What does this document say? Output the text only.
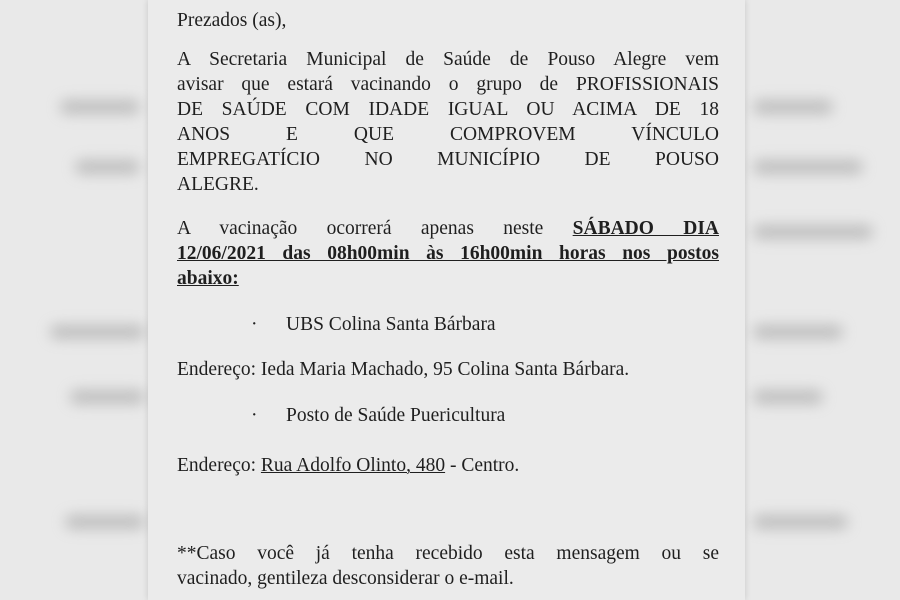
Prezados (as),

A Secretaria Municipal de Saúde de Pouso Alegre vem

avisar que estará vacinando o grupo de PROFISSIONAIS

DE SAÚDE COM IDADE IGUAL OU ACIMA DE 18

ANOS E QUE COMPROVEM VÍNCULO

EMPREGATÍCIO NO MUNICÍPIO DE POUSO

ALEGRE.

A vacinação ocorrerá apenas neste SÁBADO DIA

12/06/2021 das 08h00min às 16h00min horas nos postos

abaixo:

· UBS Colina Santa Bárbara

Endereço: Ieda Maria Machado, 95 Colina Santa Bárbara.

· Posto de Saúde Puericultura

Endereço: Rua Adolfo Olinto, 480 - Centro.

**Caso você já tenha recebido esta mensagem ou se

vacinado, gentileza desconsiderar o e-mail.
